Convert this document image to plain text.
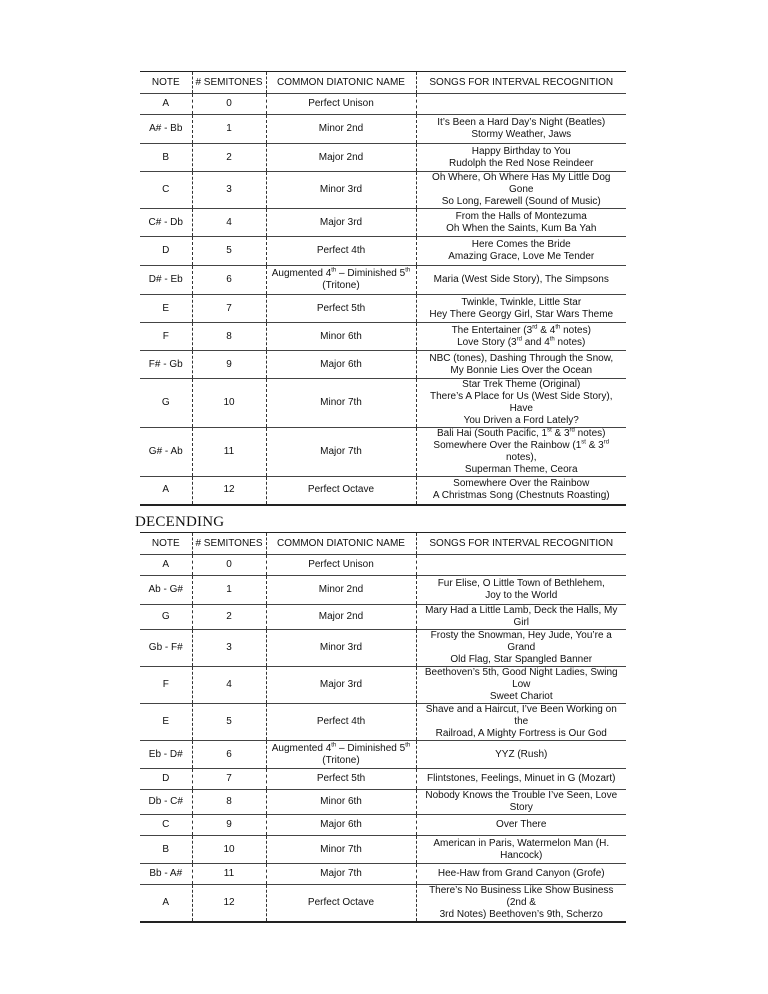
NOTE	# SEMITONES	COMMON DIATONIC NAME	SONGS FOR INTERVAL RECOGNITION
A	0	Perfect Unison	
A# - Bb	1	Minor 2nd	It’s Been a Hard Day’s Night (Beatles)
Stormy Weather, Jaws
B	2	Major 2nd	Happy Birthday to You
Rudolph the Red Nose Reindeer
C	3	Minor 3rd	Oh Where, Oh Where Has My Little Dog Gone
So Long, Farewell (Sound of Music)
C# - Db	4	Major 3rd	From the Halls of Montezuma
Oh When the Saints, Kum Ba Yah
D	5	Perfect 4th	Here Comes the Bride
Amazing Grace, Love Me Tender
D# - Eb	6	Augmented 4th – Diminished 5th
(Tritone)	Maria (West Side Story), The Simpsons
E	7	Perfect 5th	Twinkle, Twinkle, Little Star
Hey There Georgy Girl, Star Wars Theme
F	8	Minor 6th	The Entertainer (3rd & 4th notes)
Love Story (3rd and 4th notes)
F# - Gb	9	Major 6th	NBC (tones), Dashing Through the Snow,
My Bonnie Lies Over the Ocean
G	10	Minor 7th	Star Trek Theme (Original)
There’s A Place for Us (West Side Story), Have
You Driven a Ford Lately?
G# - Ab	11	Major 7th	Bali Hai (South Pacific, 1st & 3rd notes)
Somewhere Over the Rainbow (1st & 3rd notes),
Superman Theme, Ceora
A	12	Perfect Octave	Somewhere Over the Rainbow
A Christmas Song (Chestnuts Roasting)
DECENDING
NOTE	# SEMITONES	COMMON DIATONIC NAME	SONGS FOR INTERVAL RECOGNITION
A	0	Perfect Unison	
Ab - G#	1	Minor 2nd	Fur Elise, O Little Town of Bethlehem,
Joy to the World
G	2	Major 2nd	Mary Had a Little Lamb, Deck the Halls, My Girl
Gb - F#	3	Minor 3rd	Frosty the Snowman, Hey Jude, You’re a Grand
Old Flag, Star Spangled Banner
F	4	Major 3rd	Beethoven’s 5th, Good Night Ladies, Swing Low
Sweet Chariot
E	5	Perfect 4th	Shave and a Haircut, I’ve Been Working on the
Railroad, A Mighty Fortress is Our God
Eb - D#	6	Augmented 4th – Diminished 5th
(Tritone)	YYZ (Rush)
D	7	Perfect 5th	Flintstones, Feelings, Minuet in G (Mozart)
Db - C#	8	Minor 6th	Nobody Knows the Trouble I’ve Seen, Love Story
C	9	Major 6th	Over There
B	10	Minor 7th	American in Paris, Watermelon Man (H.
Hancock)
Bb - A#	11	Major 7th	Hee-Haw from Grand Canyon (Grofe)
A	12	Perfect Octave	There’s No Business Like Show Business (2nd &
3rd Notes) Beethoven’s 9th, Scherzo
